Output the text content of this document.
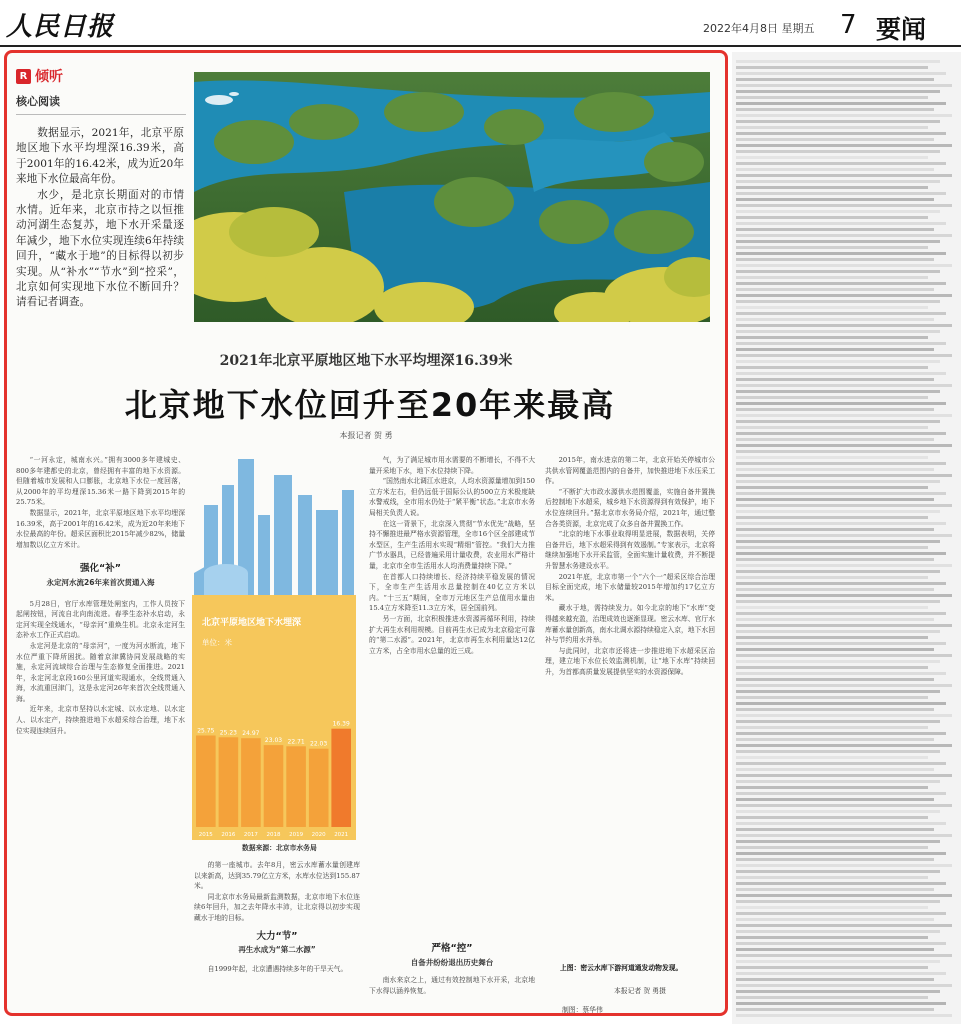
人民日报	2022年4月8日 星期五 7 要闻
R 倾听
核心阅读

数据显示，2021年，北京平原地区地下水平均埋深16.39米，高于2001年的16.42米，成为近20年来地下水位最高年份。

水少，是北京长期面对的市情水情。近年来，北京市持之以恒推动河湖生态复苏，地下水开采量逐年减少，地下水位实现连续6年持续回升，“藏水于地”的目标得以初步实现。从“补水”“节水”到“控采”，北京如何实现地下水位不断回升？请看记者调查。

2021年北京平原地区地下水平均埋深16.39米
北京地下水位回升至20年来最高
本报记者 贺 勇

“一河永定，城南水兴。”拥有3000多年建城史、800多年建都史的北京，曾经拥有丰富的地下水资源。但随着城市发展和人口膨胀，北京地下水位一度回落，从2000年的平均埋深15.36米一路下降到2015年的25.75米。

数据显示，2021年，北京平原地区地下水平均埋深16.39米，高于2001年的16.42米，成为近20年来地下水位最高的年份。超采区面积比2015年减少82%，储量增加数以亿立方米计。

强化“补”
永定河水流26年来首次贯通入海

5月28日，官厅水库管理处闸室内，工作人员按下起闸按钮，河流自北向南流进。春季生态补水启动，永定河实现全线通水，“母亲河”重焕生机。北京永定河生态补水工作正式启动。

永定河是北京的“母亲河”，一度为河水断流，地下水位严重下降所困扰。随着京津冀协同发展战略的实施，永定河流域综合治理与生态修复全面推进。2021年，永定河北京段160公里河道实现通水，全线贯通入海，水流重回津门，这是永定河26年来首次全线贯通入海。

近年来，北京市坚持以水定城、以水定地、以水定人、以水定产，持续推进地下水超采综合治理，地下水位实现连续回升。

北京平原地区地下水埋深
单位：米
25.75
2015
25.23
2016
24.97
2017
23.03
2018
22.71
2019
22.03
2020
16.39
2021
数据来源：北京市水务局

的第一座城市。去年8月，密云水库蓄水量创建库以来新高，达到35.79亿立方米，水库水位达到155.87米。

同北京市水务局最新监测数据，北京市地下水位连续6年回升，加之去年降水丰沛，让北京得以初步实现藏水于地的目标。

大力“节”
再生水成为“第二水源”

自1999年起，北京遭遇持续多年的干旱天气。

气，为了满足城市用水需要的不断增长，不得不大量开采地下水，地下水位持续下降。

“国然南水北调江水进京，人均水资源量增加到150立方米左右，但仍远低于国际公认的500立方米极度缺水警戒线，全市用水仍处于“紧平衡”状态。”北京市水务局相关负责人说。

在这一背景下，北京深入贯彻“节水优先”战略，坚持不懈推进最严格水资源管理，全市16个区全部建成节水型区，生产生活用水实现“精细”管控。“我们大力推广节水器具，已经普遍采用计量收费，农业用水严格计量，北京市全市生活用水人均消费量持续下降。”

在首都人口持续增长、经济持续平稳发展的情况下，全市生产生活用水总量控制在40亿立方米以内。“十三五”期间，全市万元地区生产总值用水量由15.4立方米降至11.3立方米，居全国前列。

另一方面，北京积极推进水资源再循环利用，持续扩大再生水利用规模。目前再生水已成为北京稳定可靠的“第二水源”。2021年，北京市再生水利用量达12亿立方米，占全市用水总量的近三成。

严格“控”
自备井纷纷退出历史舞台

南水来京之上，通过有效控制地下水开采，北京地下水得以涵养恢复。

2015年，南水进京的第二年，北京开始关停城市公共供水管网覆盖范围内的自备井，加快推进地下水压采工作。

“不断扩大市政水源供水范围覆盖，实施自备井置换后控制地下水超采，城乡地下水资源得到有效保护，地下水位连续回升。”据北京市水务局介绍，2021年，通过整合各类资源，北京完成了众多自备井置换工作。

“北京的地下水事业取得明显进展，数据表明，关停自备井后，地下水超采得到有效遏制。”专家表示，北京将继续加强地下水开采监管，全面实施计量收费，并不断提升智慧水务建设水平。

2021年底，北京市第一个“六个一”超采区综合治理目标全面完成，地下水储量较2015年增加约17亿立方米。

藏水于地，需持续发力。如今北京的地下“水库”变得越来越充盈，治理成效也逐渐显现。密云水库、官厅水库蓄水量创新高，南水北调水源持续稳定入京，地下水回补与节约用水并举。

与此同时，北京市还将进一步推进地下水超采区治理，建立地下水位长效监测机制，让“地下水库”持续回升，为首都高质量发展提供坚实的水资源保障。

上图：密云水库下游河道通发动物发现。
本报记者 贺 勇摄
制图：蔡华伟
